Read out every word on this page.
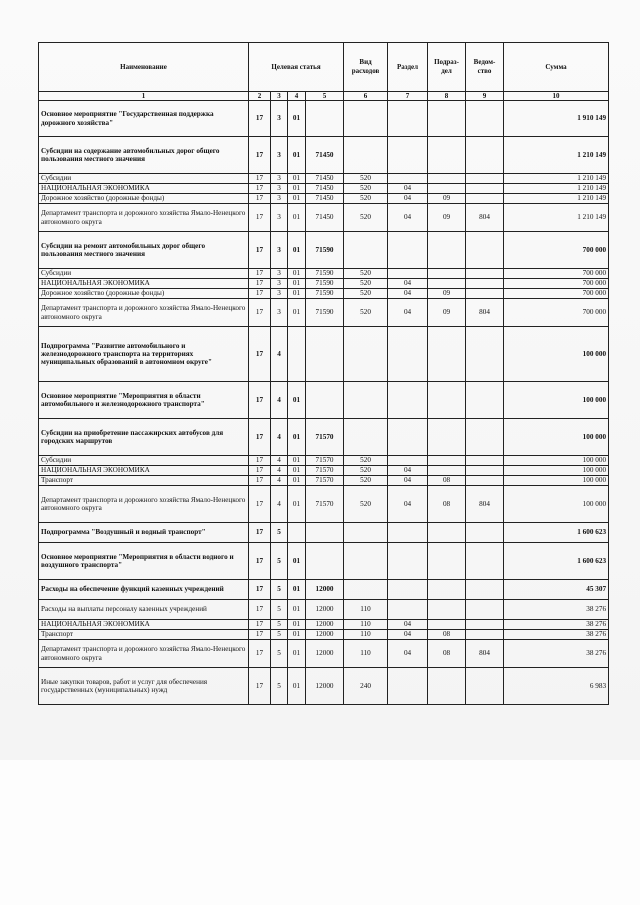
Наименование	Целевая статья				Вид расходов	Раздел	Подраз-дел	Ведом-ство	Сумма
1	2	3	4	5	6	7	8	9	10
Основное мероприятие "Государственная поддержка дорожного хозяйства"	17	3	01						1 910 149
Субсидии на содержание автомобильных дорог общего пользования местного значения	17	3	01	71450					1 210 149
Субсидии	17	3	01	71450	520				1 210 149
НАЦИОНАЛЬНАЯ ЭКОНОМИКА	17	3	01	71450	520	04			1 210 149
Дорожное хозяйство (дорожные фонды)	17	3	01	71450	520	04	09		1 210 149
Департамент транспорта и дорожного хозяйства Ямало-Ненецкого автономного округа	17	3	01	71450	520	04	09	804	1 210 149
Субсидии на ремонт автомобильных дорог общего пользования местного значения	17	3	01	71590					700 000
Субсидии	17	3	01	71590	520				700 000
НАЦИОНАЛЬНАЯ ЭКОНОМИКА	17	3	01	71590	520	04			700 000
Дорожное хозяйство (дорожные фонды)	17	3	01	71590	520	04	09		700 000
Департамент транспорта и дорожного хозяйства Ямало-Ненецкого автономного округа	17	3	01	71590	520	04	09	804	700 000
Подпрограмма "Развитие автомобильного и железнодорожного транспорта на территориях муниципальных образований в автономном округе"	17	4							100 000
Основное мероприятие "Мероприятия в области автомобильного и железнодорожного транспорта"	17	4	01						100 000
Субсидии на приобретение пассажирских автобусов для городских маршрутов	17	4	01	71570					100 000
Субсидии	17	4	01	71570	520				100 000
НАЦИОНАЛЬНАЯ ЭКОНОМИКА	17	4	01	71570	520	04			100 000
Транспорт	17	4	01	71570	520	04	08		100 000
Департамент транспорта и дорожного хозяйства Ямало-Ненецкого автономного округа	17	4	01	71570	520	04	08	804	100 000
Подпрограмма "Воздушный и водный транспорт"	17	5							1 600 623
Основное мероприятие "Мероприятия в области водного и воздушного транспорта"	17	5	01						1 600 623
Расходы на обеспечение функций казенных учреждений	17	5	01	12000					45 307
Расходы на выплаты персоналу казенных учреждений	17	5	01	12000	110				38 276
НАЦИОНАЛЬНАЯ ЭКОНОМИКА	17	5	01	12000	110	04			38 276
Транспорт	17	5	01	12000	110	04	08		38 276
Департамент транспорта и дорожного хозяйства Ямало-Ненецкого автономного округа	17	5	01	12000	110	04	08	804	38 276
Иные закупки товаров, работ и услуг для обеспечения государственных (муниципальных) нужд	17	5	01	12000	240				6 983
